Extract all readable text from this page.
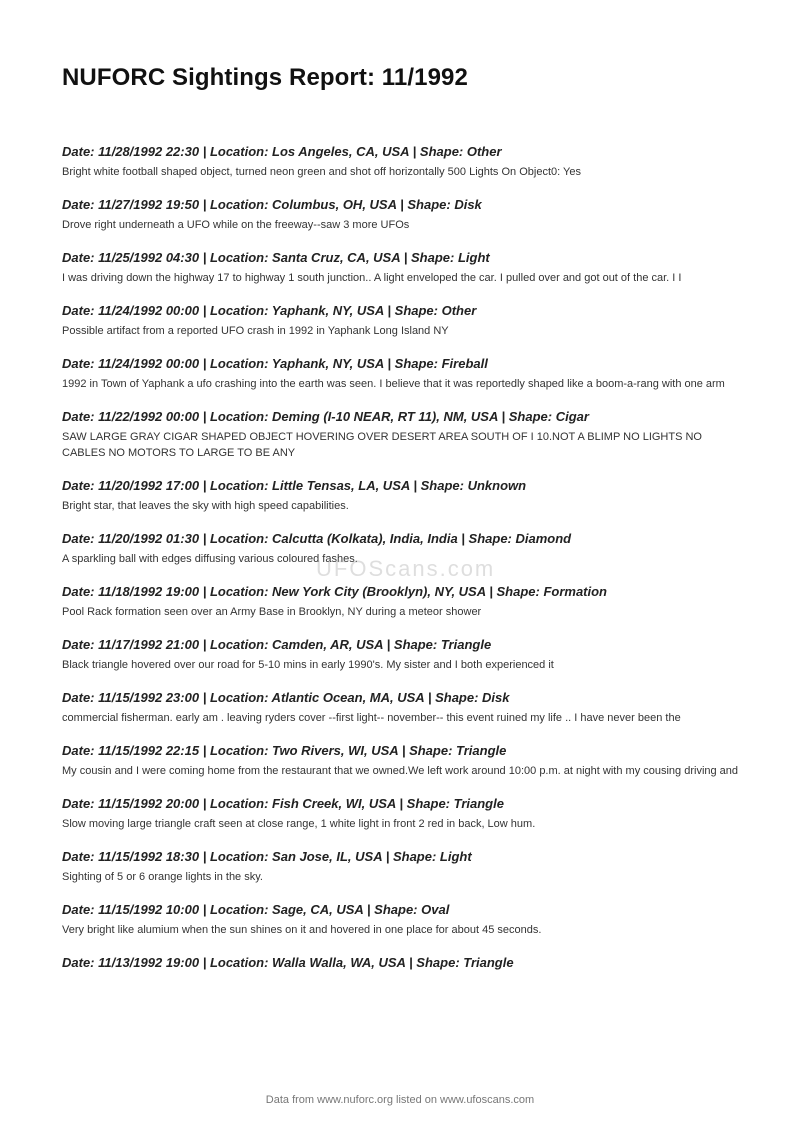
NUFORC Sightings Report: 11/1992
Date: 11/28/1992 22:30 | Location: Los Angeles, CA, USA | Shape: Other
Bright white football shaped object, turned neon green and shot off horizontally 500 Lights On Object0: Yes
Date: 11/27/1992 19:50 | Location: Columbus, OH, USA | Shape: Disk
Drove right underneath a UFO while on the freeway--saw 3 more UFOs
Date: 11/25/1992 04:30 | Location: Santa Cruz, CA, USA | Shape: Light
I was driving down the highway 17 to highway 1 south junction.. A light enveloped the car. I pulled over and got out of the car. I I
Date: 11/24/1992 00:00 | Location: Yaphank, NY, USA | Shape: Other
Possible artifact from a reported UFO crash in 1992 in Yaphank Long Island NY
Date: 11/24/1992 00:00 | Location: Yaphank, NY, USA | Shape: Fireball
1992 in Town of Yaphank a ufo crashing into the earth was seen. I believe that it was reportedly shaped like a boom-a-rang with one arm
Date: 11/22/1992 00:00 | Location: Deming (I-10 NEAR, RT 11), NM, USA | Shape: Cigar
SAW LARGE GRAY CIGAR SHAPED OBJECT HOVERING OVER DESERT AREA SOUTH OF I 10.NOT A BLIMP NO LIGHTS NO CABLES NO MOTORS TO LARGE TO BE ANY
Date: 11/20/1992 17:00 | Location: Little Tensas, LA, USA | Shape: Unknown
Bright star, that leaves the sky with high speed capabilities.
Date: 11/20/1992 01:30 | Location: Calcutta (Kolkata), India, India | Shape: Diamond
A sparkling ball with edges diffusing various coloured fashes.
Date: 11/18/1992 19:00 | Location: New York City (Brooklyn), NY, USA | Shape: Formation
Pool Rack formation seen over an Army Base in Brooklyn, NY during a meteor shower
Date: 11/17/1992 21:00 | Location: Camden, AR, USA | Shape: Triangle
Black triangle hovered over our road for 5-10 mins in early 1990's. My sister and I both experienced it
Date: 11/15/1992 23:00 | Location: Atlantic Ocean, MA, USA | Shape: Disk
commercial fisherman. early am . leaving ryders cover --first light-- november-- this event ruined my life .. I have never been the
Date: 11/15/1992 22:15 | Location: Two Rivers, WI, USA | Shape: Triangle
My cousin and I were coming home from the restaurant that we owned.We left work around 10:00 p.m. at night with my cousing driving and
Date: 11/15/1992 20:00 | Location: Fish Creek, WI, USA | Shape: Triangle
Slow moving large triangle craft seen at close range, 1 white light in front 2 red in back, Low hum.
Date: 11/15/1992 18:30 | Location: San Jose, IL, USA | Shape: Light
Sighting of 5 or 6 orange lights in the sky.
Date: 11/15/1992 10:00 | Location: Sage, CA, USA | Shape: Oval
Very bright like alumium when the sun shines on it and hovered in one place for about 45 seconds.
Date: 11/13/1992 19:00 | Location: Walla Walla, WA, USA | Shape: Triangle
UFOScans.com
Data from www.nuforc.org listed on www.ufoscans.com
